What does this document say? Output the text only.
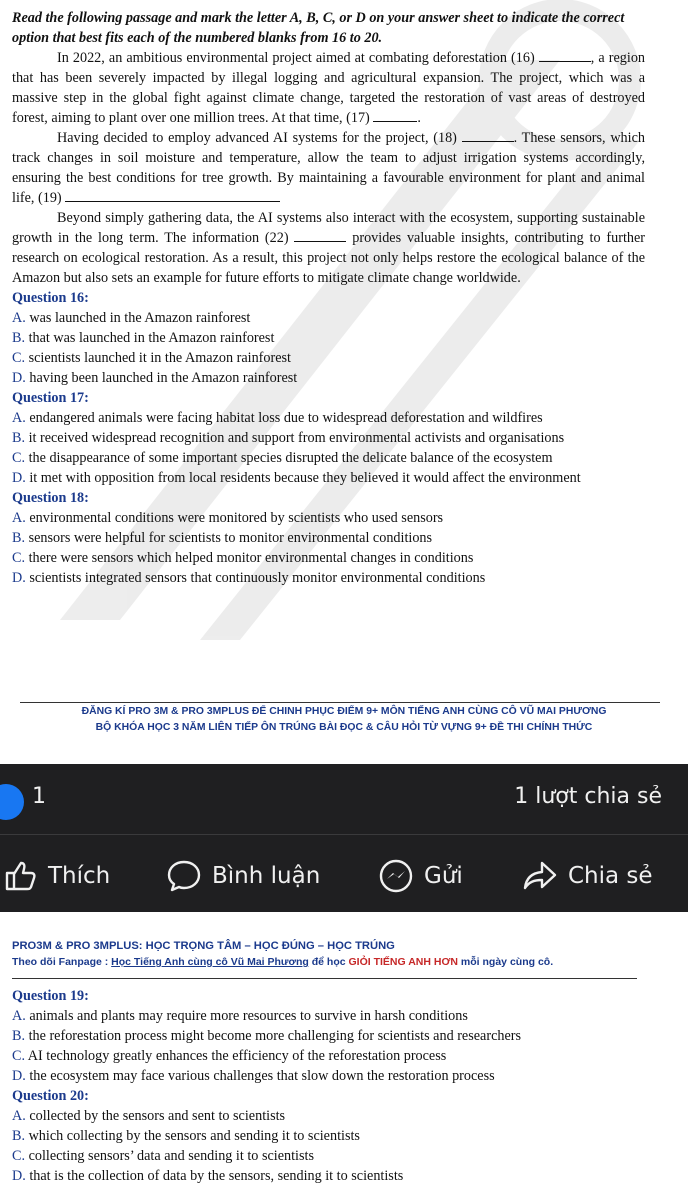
Read the following passage and mark the letter A, B, C, or D on your answer sheet to indicate the correct option that best fits each of the numbered blanks from 16 to 20.

In 2022, an ambitious environmental project aimed at combating deforestation (16)	, a region that has been severely impacted by illegal logging and agricultural expansion. The project, which was a massive step in the global fight against climate change, targeted the restoration of vast areas of destroyed forest, aiming to plant over one million trees. At that time, (17)	.

Having decided to employ advanced AI systems for the project, (18)	. These sensors, which track changes in soil moisture and temperature, allow the team to adjust irrigation systems accordingly, ensuring the best conditions for tree growth. By maintaining a favourable environment for plant and animal life, (19)

Beyond simply gathering data, the AI systems also interact with the ecosystem, supporting sustainable growth in the long term. The information (22)	provides valuable insights, contributing to further research on ecological restoration. As a result, this project not only helps restore the ecological balance of the Amazon but also sets an example for future efforts to mitigate climate change worldwide.

Question 16:

A. was launched in the Amazon rainforest

B. that was launched in the Amazon rainforest

C. scientists launched it in the Amazon rainforest

D. having been launched in the Amazon rainforest

Question 17:

A. endangered animals were facing habitat loss due to widespread deforestation and wildfires

B. it received widespread recognition and support from environmental activists and organisations

C. the disappearance of some important species disrupted the delicate balance of the ecosystem

D. it met with opposition from local residents because they believed it would affect the environment

Question 18:

A. environmental conditions were monitored by scientists who used sensors

B. sensors were helpful for scientists to monitor environmental conditions

C. there were sensors which helped monitor environmental changes in conditions

D. scientists integrated sensors that continuously monitor environmental conditions

ĐĂNG KÍ PRO 3M & PRO 3MPLUS ĐỂ CHINH PHỤC ĐIỂM 9+ MÔN TIẾNG ANH CÙNG CÔ VŨ MAI PHƯƠNG
BỘ KHÓA HỌC 3 NĂM LIÊN TIẾP ÔN TRÚNG BÀI ĐỌC & CÂU HỎI TỪ VỰNG 9+ ĐỀ THI CHÍNH THỨC
1	1 lượt chia sẻ
Thích	Bình luận	Gửi	Chia sẻ
PRO3M & PRO 3MPLUS: HỌC TRỌNG TÂM – HỌC ĐÚNG – HỌC TRÚNG
Theo dõi Fanpage : Học Tiếng Anh cùng cô Vũ Mai Phương để học GIỎI TIẾNG ANH HƠN mỗi ngày cùng cô.

Question 19:

A. animals and plants may require more resources to survive in harsh conditions

B. the reforestation process might become more challenging for scientists and researchers

C. AI technology greatly enhances the efficiency of the reforestation process

D. the ecosystem may face various challenges that slow down the restoration process

Question 20:

A. collected by the sensors and sent to scientists

B. which collecting by the sensors and sending it to scientists

C. collecting sensors’ data and sending it to scientists

D. that is the collection of data by the sensors, sending it to scientists
